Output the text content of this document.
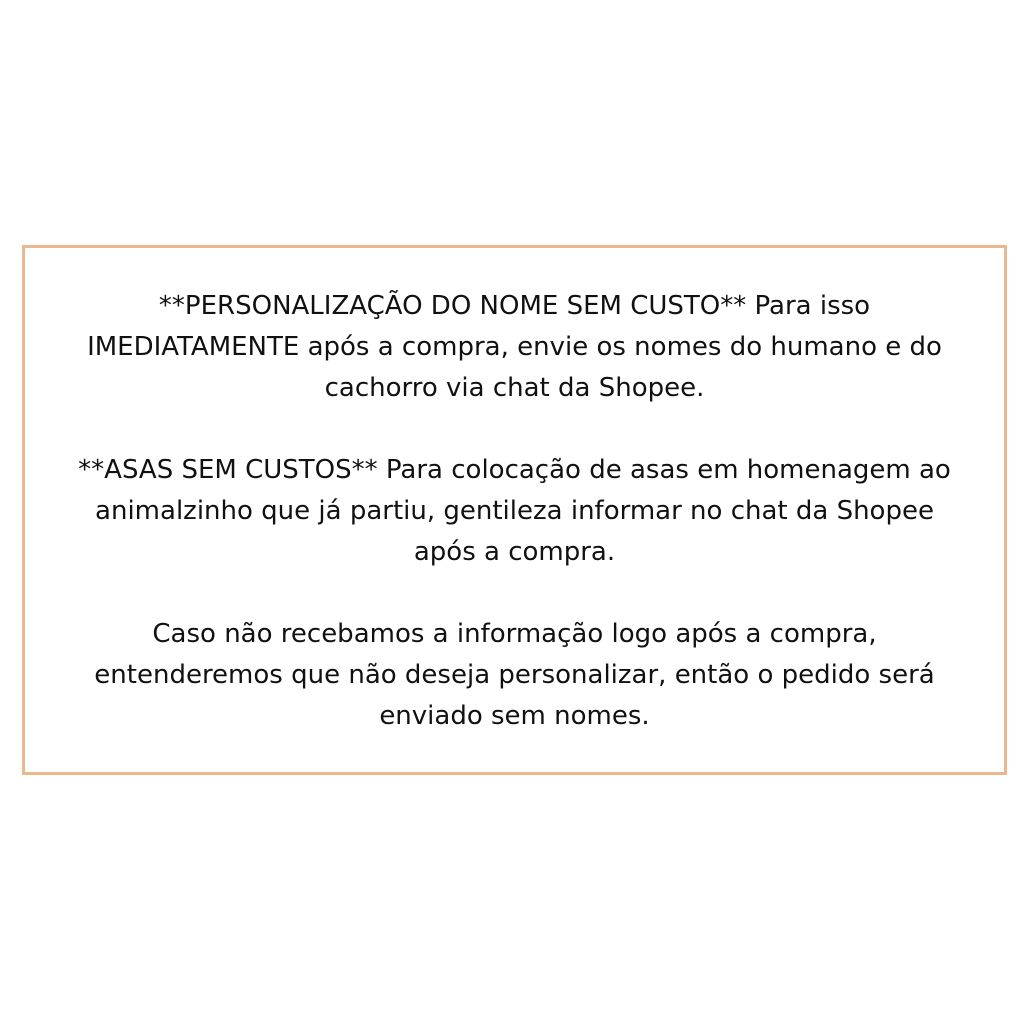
**PERSONALIZAÇÃO DO NOME SEM CUSTO** Para isso
IMEDIATAMENTE após a compra, envie os nomes do humano e do
cachorro via chat da Shopee.

**ASAS SEM CUSTOS** Para colocação de asas em homenagem ao
animalzinho que já partiu, gentileza informar no chat da Shopee
após a compra.

Caso não recebamos a informação logo após a compra,
entenderemos que não deseja personalizar, então o pedido será
enviado sem nomes.
